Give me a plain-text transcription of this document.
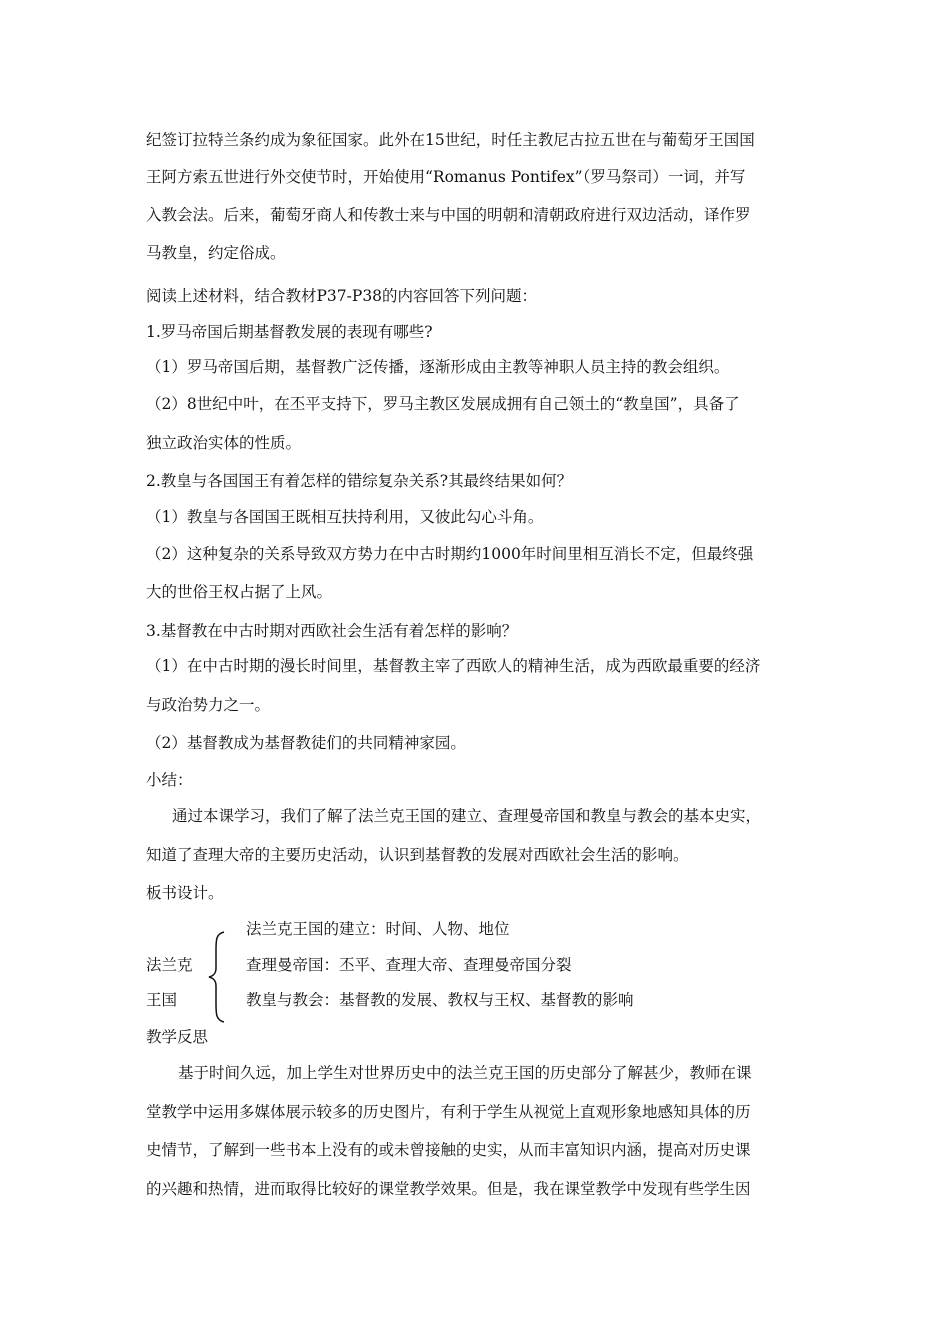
纪签订拉特兰条约成为象征国家。此外在15世纪，时任主教尼古拉五世在与葡萄牙王国国
王阿方索五世进行外交使节时，开始使用“Romanus Pontifex”（罗马祭司）一词，并写
入教会法。后来，葡萄牙商人和传教士来与中国的明朝和清朝政府进行双边活动，译作罗
马教皇，约定俗成。
阅读上述材料，结合教材P37-P38的内容回答下列问题：
1.罗马帝国后期基督教发展的表现有哪些?
（1）罗马帝国后期，基督教广泛传播，逐渐形成由主教等神职人员主持的教会组织。
（2）8世纪中叶，在丕平支持下，罗马主教区发展成拥有自己领土的“教皇国”，具备了
独立政治实体的性质。
2.教皇与各国国王有着怎样的错综复杂关系?其最终结果如何？
（1）教皇与各国国王既相互扶持利用，又彼此勾心斗角。
（2）这种复杂的关系导致双方势力在中古时期约1000年时间里相互消长不定，但最终强
大的世俗王权占据了上风。
3.基督教在中古时期对西欧社会生活有着怎样的影响？
（1）在中古时期的漫长时间里，基督教主宰了西欧人的精神生活，成为西欧最重要的经济
与政治势力之一。
（2）基督教成为基督教徒们的共同精神家园。
小结：
通过本课学习，我们了解了法兰克王国的建立、查理曼帝国和教皇与教会的基本史实，
知道了查理大帝的主要历史活动，认识到基督教的发展对西欧社会生活的影响。
板书设计。
法兰克王国的建立：时间、人物、地位
法兰克	查理曼帝国：丕平、查理大帝、查理曼帝国分裂
王国	教皇与教会：基督教的发展、教权与王权、基督教的影响
教学反思
基于时间久远，加上学生对世界历史中的法兰克王国的历史部分了解甚少，教师在课
堂教学中运用多媒体展示较多的历史图片，有利于学生从视觉上直观形象地感知具体的历
史情节，了解到一些书本上没有的或未曾接触的史实，从而丰富知识内涵，提高对历史课
的兴趣和热情，进而取得比较好的课堂教学效果。但是，我在课堂教学中发现有些学生因
